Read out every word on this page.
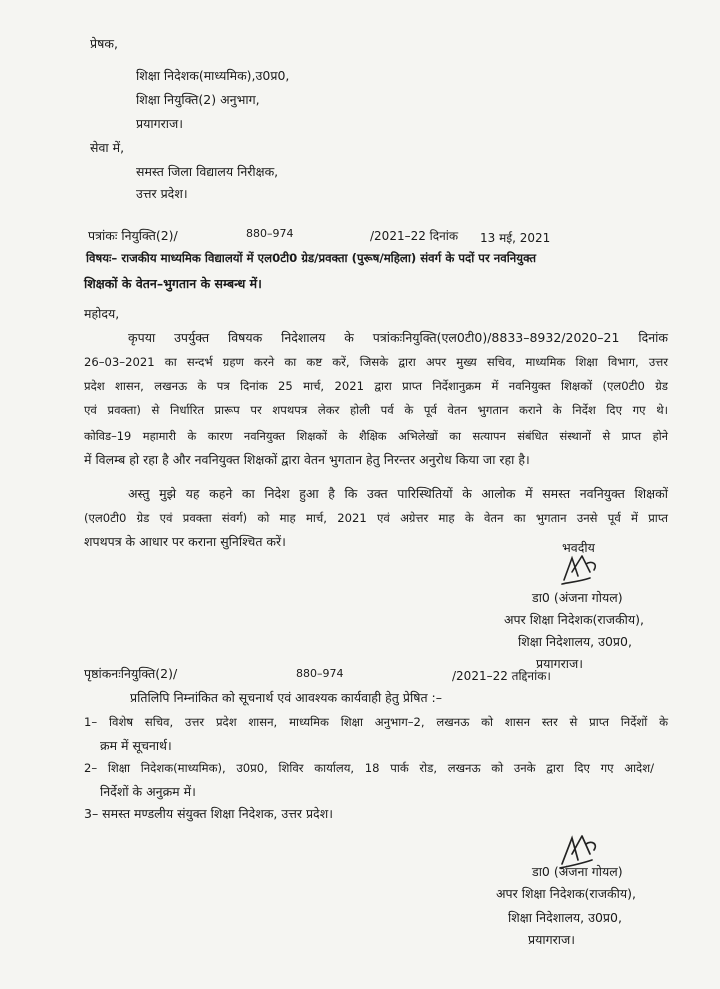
प्रेषक,
शिक्षा निदेशक(माध्यमिक),उ0प्र0,
शिक्षा नियुक्ति(2) अनुभाग,
प्रयागराज।
सेवा में,
समस्त जिला विद्यालय निरीक्षक,
उत्तर प्रदेश।
पत्रांकः नियुक्ति(2)/	880–974	/2021–22 दिनांक 13 मई, 2021
विषयः– राजकीय माध्यमिक विद्यालयों में एल0टी0 ग्रेड/प्रवक्ता (पुरूष/महिला) संवर्ग के पदों पर नवनियुक्त
शिक्षकों के वेतन–भुगतान के सम्बन्ध में।
महोदय,
कृपया उपर्युक्त विषयक निदेशालय के पत्रांकःनियुक्ति(एल0टी0)/8833–8932/2020–21 दिनांक
26–03–2021 का सन्दर्भ ग्रहण करने का कष्ट करें, जिसके द्वारा अपर मुख्य सचिव, माध्यमिक शिक्षा विभाग, उत्तर
प्रदेश शासन, लखनऊ के पत्र दिनांक 25 मार्च, 2021 द्वारा प्राप्त निर्देशानुक्रम में नवनियुक्त शिक्षकों (एल0टी0 ग्रेड
एवं प्रवक्ता) से निर्धारित प्रारूप पर शपथपत्र लेकर होली पर्व के पूर्व वेतन भुगतान कराने के निर्देश दिए गए थे।
कोविड–19 महामारी के कारण नवनियुक्त शिक्षकों के शैक्षिक अभिलेखों का सत्यापन संबंधित संस्थानों से प्राप्त होने
में विलम्ब हो रहा है और नवनियुक्त शिक्षकों द्वारा वेतन भुगतान हेतु निरन्तर अनुरोध किया जा रहा है।
अस्तु मुझे यह कहने का निदेश हुआ है कि उक्त पारिस्थितियों के आलोक में समस्त नवनियुक्त शिक्षकों
(एल0टी0 ग्रेड एवं प्रवक्ता संवर्ग) को माह मार्च, 2021 एवं अग्रेत्तर माह के वेतन का भुगतान उनसे पूर्व में प्राप्त
शपथपत्र के आधार पर कराना सुनिश्चित करें।	भवदीय
डा0 (अंजना गोयल)
अपर शिक्षा निदेशक(राजकीय),
शिक्षा निदेशालय, उ0प्र0,
प्रयागराज।
पृष्ठांकनःनियुक्ति(2)/	880–974	/2021–22 तद्दिनांक।
प्रतिलिपि निम्नांकित को सूचनार्थ एवं आवश्यक कार्यवाही हेतु प्रेषित :–
1– विशेष सचिव, उत्तर प्रदेश शासन, माध्यमिक शिक्षा अनुभाग–2, लखनऊ को शासन स्तर से प्राप्त निर्देशों के
क्रम में सूचनार्थ।
2– शिक्षा निदेशक(माध्यमिक), उ0प्र0, शिविर कार्यालय, 18 पार्क रोड, लखनऊ को उनके द्वारा दिए गए आदेश/
निर्देशों के अनुक्रम में।
3– समस्त मण्डलीय संयुक्त शिक्षा निदेशक, उत्तर प्रदेश।
डा0 (अंजना गोयल)
अपर शिक्षा निदेशक(राजकीय),
शिक्षा निदेशालय, उ0प्र0,
प्रयागराज।
